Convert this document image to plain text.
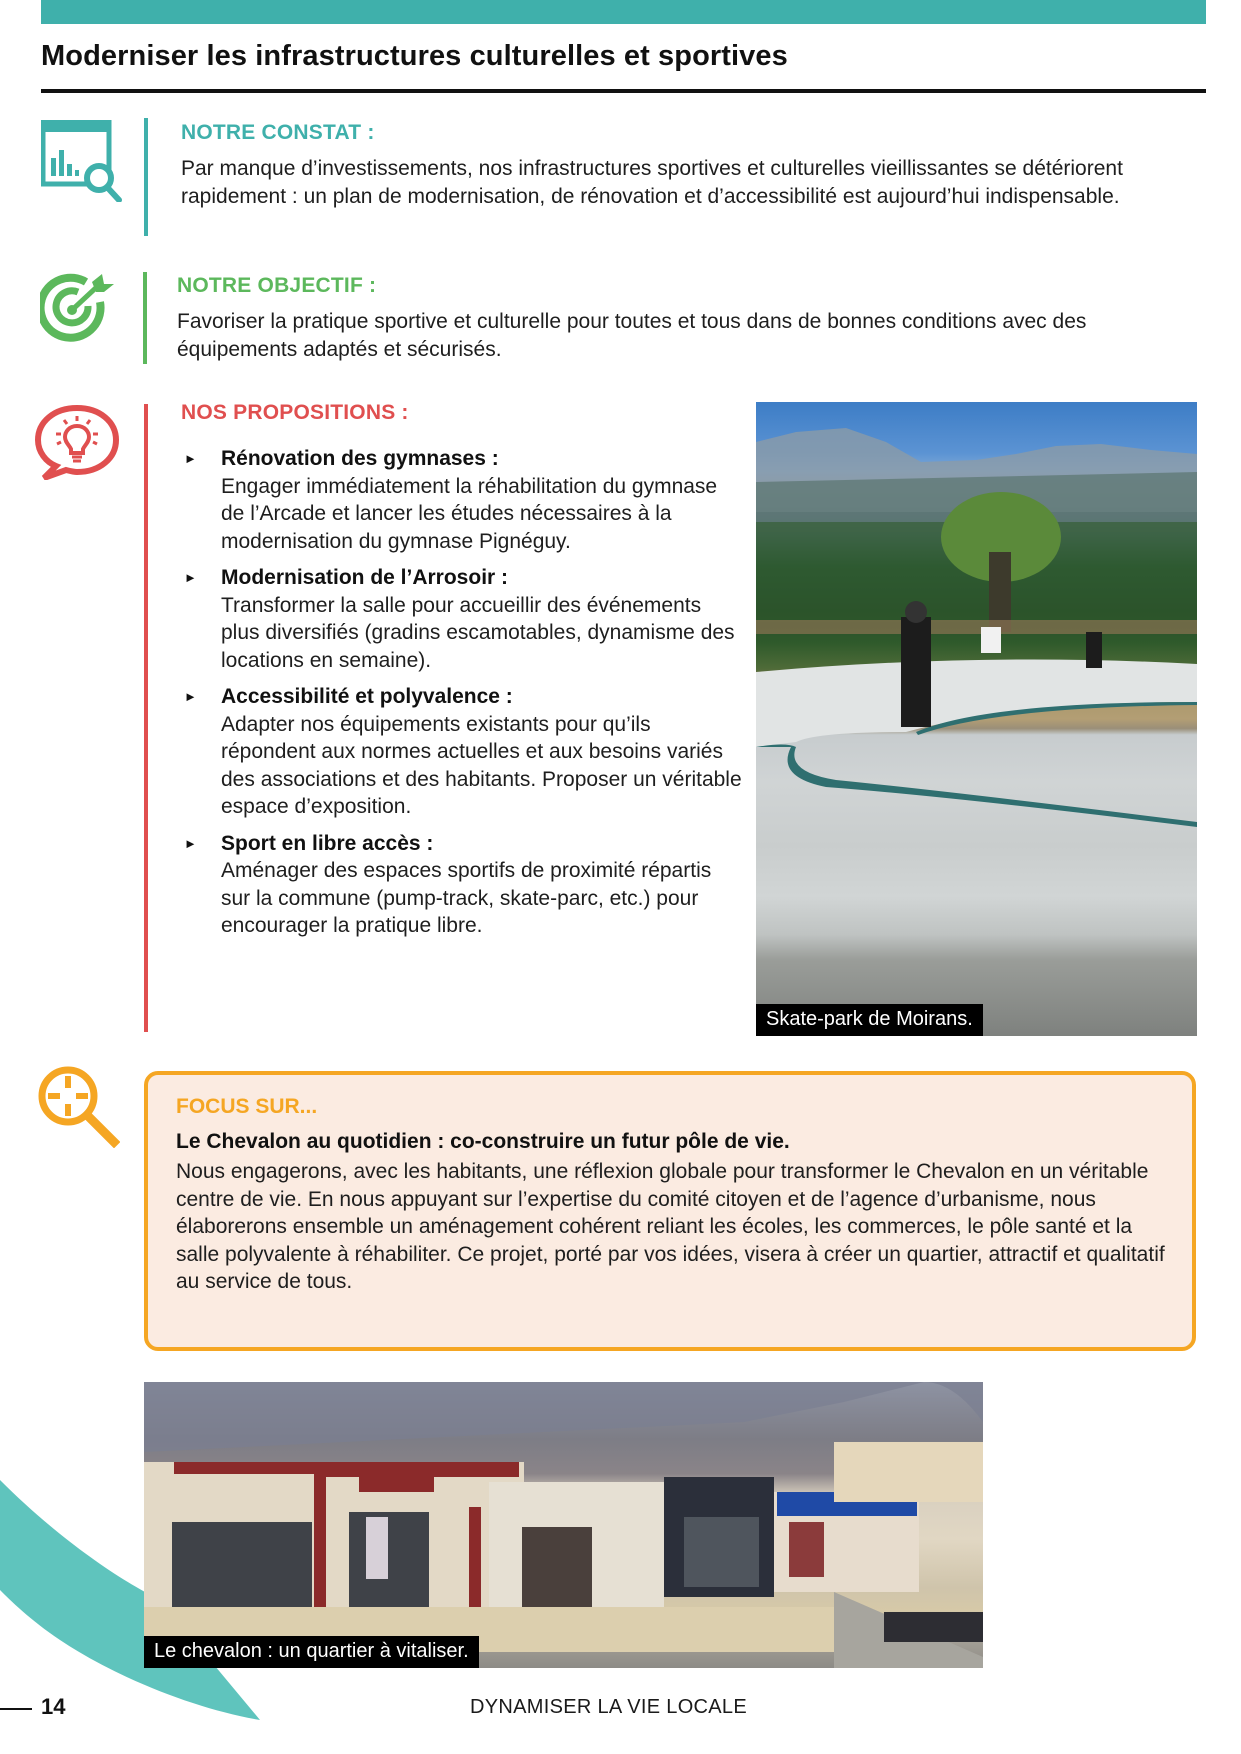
Moderniser les infrastructures culturelles et sportives
NOTRE CONSTAT :

Par manque d’investissements, nos infrastructures sportives et culturelles vieillissantes se détériorent rapidement : un plan de modernisation, de rénovation et d’accessibilité est aujourd’hui indispensable.

NOTRE OBJECTIF :

Favoriser la pratique sportive et culturelle pour toutes et tous dans de bonnes conditions avec des équipements adaptés et sécurisés.

NOS PROPOSITIONS :
► Rénovation des gymnases :
Engager immédiatement la réhabilitation du gymnase de l’Arcade et lancer les études nécessaires à la modernisation du gymnase Pignéguy.
► Modernisation de l’Arrosoir :
Transformer la salle pour accueillir des événements plus diversifiés (gradins escamotables, dynamisme des locations en semaine).
► Accessibilité et polyvalence :
Adapter nos équipements existants pour qu’ils répondent aux normes actuelles et aux besoins variés des associations et des habitants. Proposer un véritable espace d’exposition.
► Sport en libre accès :
Aménager des espaces sportifs de proximité répartis sur la commune (pump-track, skate-parc, etc.) pour encourager la pratique libre.
Skate-park de Moirans.
FOCUS SUR...
Le Chevalon au quotidien : co-construire un futur pôle de vie.

Nous engagerons, avec les habitants, une réflexion globale pour transformer le Chevalon en un véritable centre de vie. En nous appuyant sur l’expertise du comité citoyen et de l’agence d’urbanisme, nous élaborerons ensemble un aménagement cohérent reliant les écoles, les commerces, le pôle santé et la salle polyvalente à réhabiliter. Ce projet, porté par vos idées, visera à créer un quartier, attractif et qualitatif au service de tous.

Le chevalon : un quartier à vitaliser.
14	DYNAMISER LA VIE LOCALE
